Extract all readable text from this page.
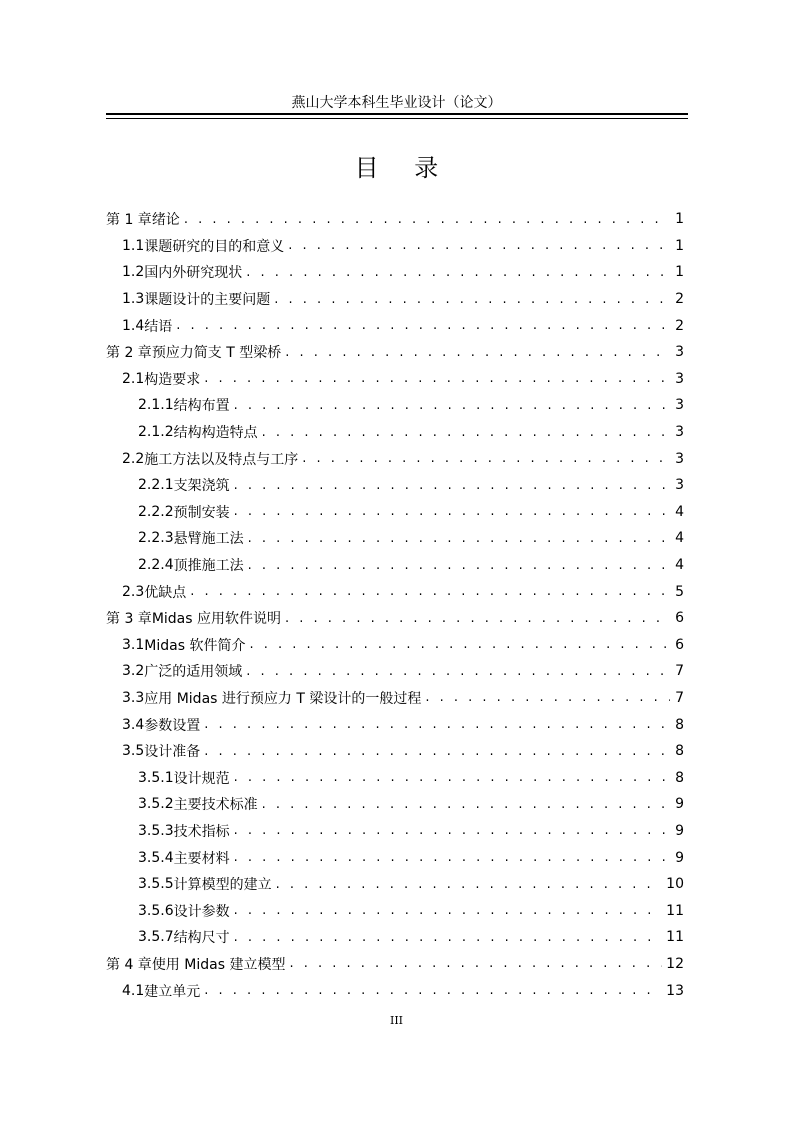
燕山大学本科生毕业设计（论文）
目 录
第 1 章 绪论 . . .	1
1.1 课题研究的目的和意义 . . .	1
1.2 国内外研究现状 . . .	1
1.3 课题设计的主要问题 . . .	2
1.4 结语 . . .	2
第 2 章 预应力简支 T 型梁桥 . . .	3
2.1 构造要求 . . .	3
2.1.1 结构布置 . . .	3
2.1.2 结构构造特点 . . .	3
2.2 施工方法以及特点与工序 . . .	3
2.2.1 支架浇筑 . . .	3
2.2.2 预制安装 . . .	4
2.2.3 悬臂施工法 . . .	4
2.2.4 顶推施工法 . . .	4
2.3 优缺点 . . .	5
第 3 章 Midas 应用软件说明 . . .	6
3.1 Midas 软件简介 . . .	6
3.2 广泛的适用领域 . . .	7
3.3 应用 Midas 进行预应力 T 梁设计的一般过程 . . .	7
3.4 参数设置 . . .	8
3.5 设计准备 . . .	8
3.5.1 设计规范 . . .	8
3.5.2 主要技术标准 . . .	9
3.5.3 技术指标 . . .	9
3.5.4 主要材料 . . .	9
3.5.5 计算模型的建立 . . .	10
3.5.6 设计参数 . . .	11
3.5.7 结构尺寸 . . .	11
第 4 章 使用 Midas 建立模型 . . .	12
4.1 建立单元 . . .	13
III
